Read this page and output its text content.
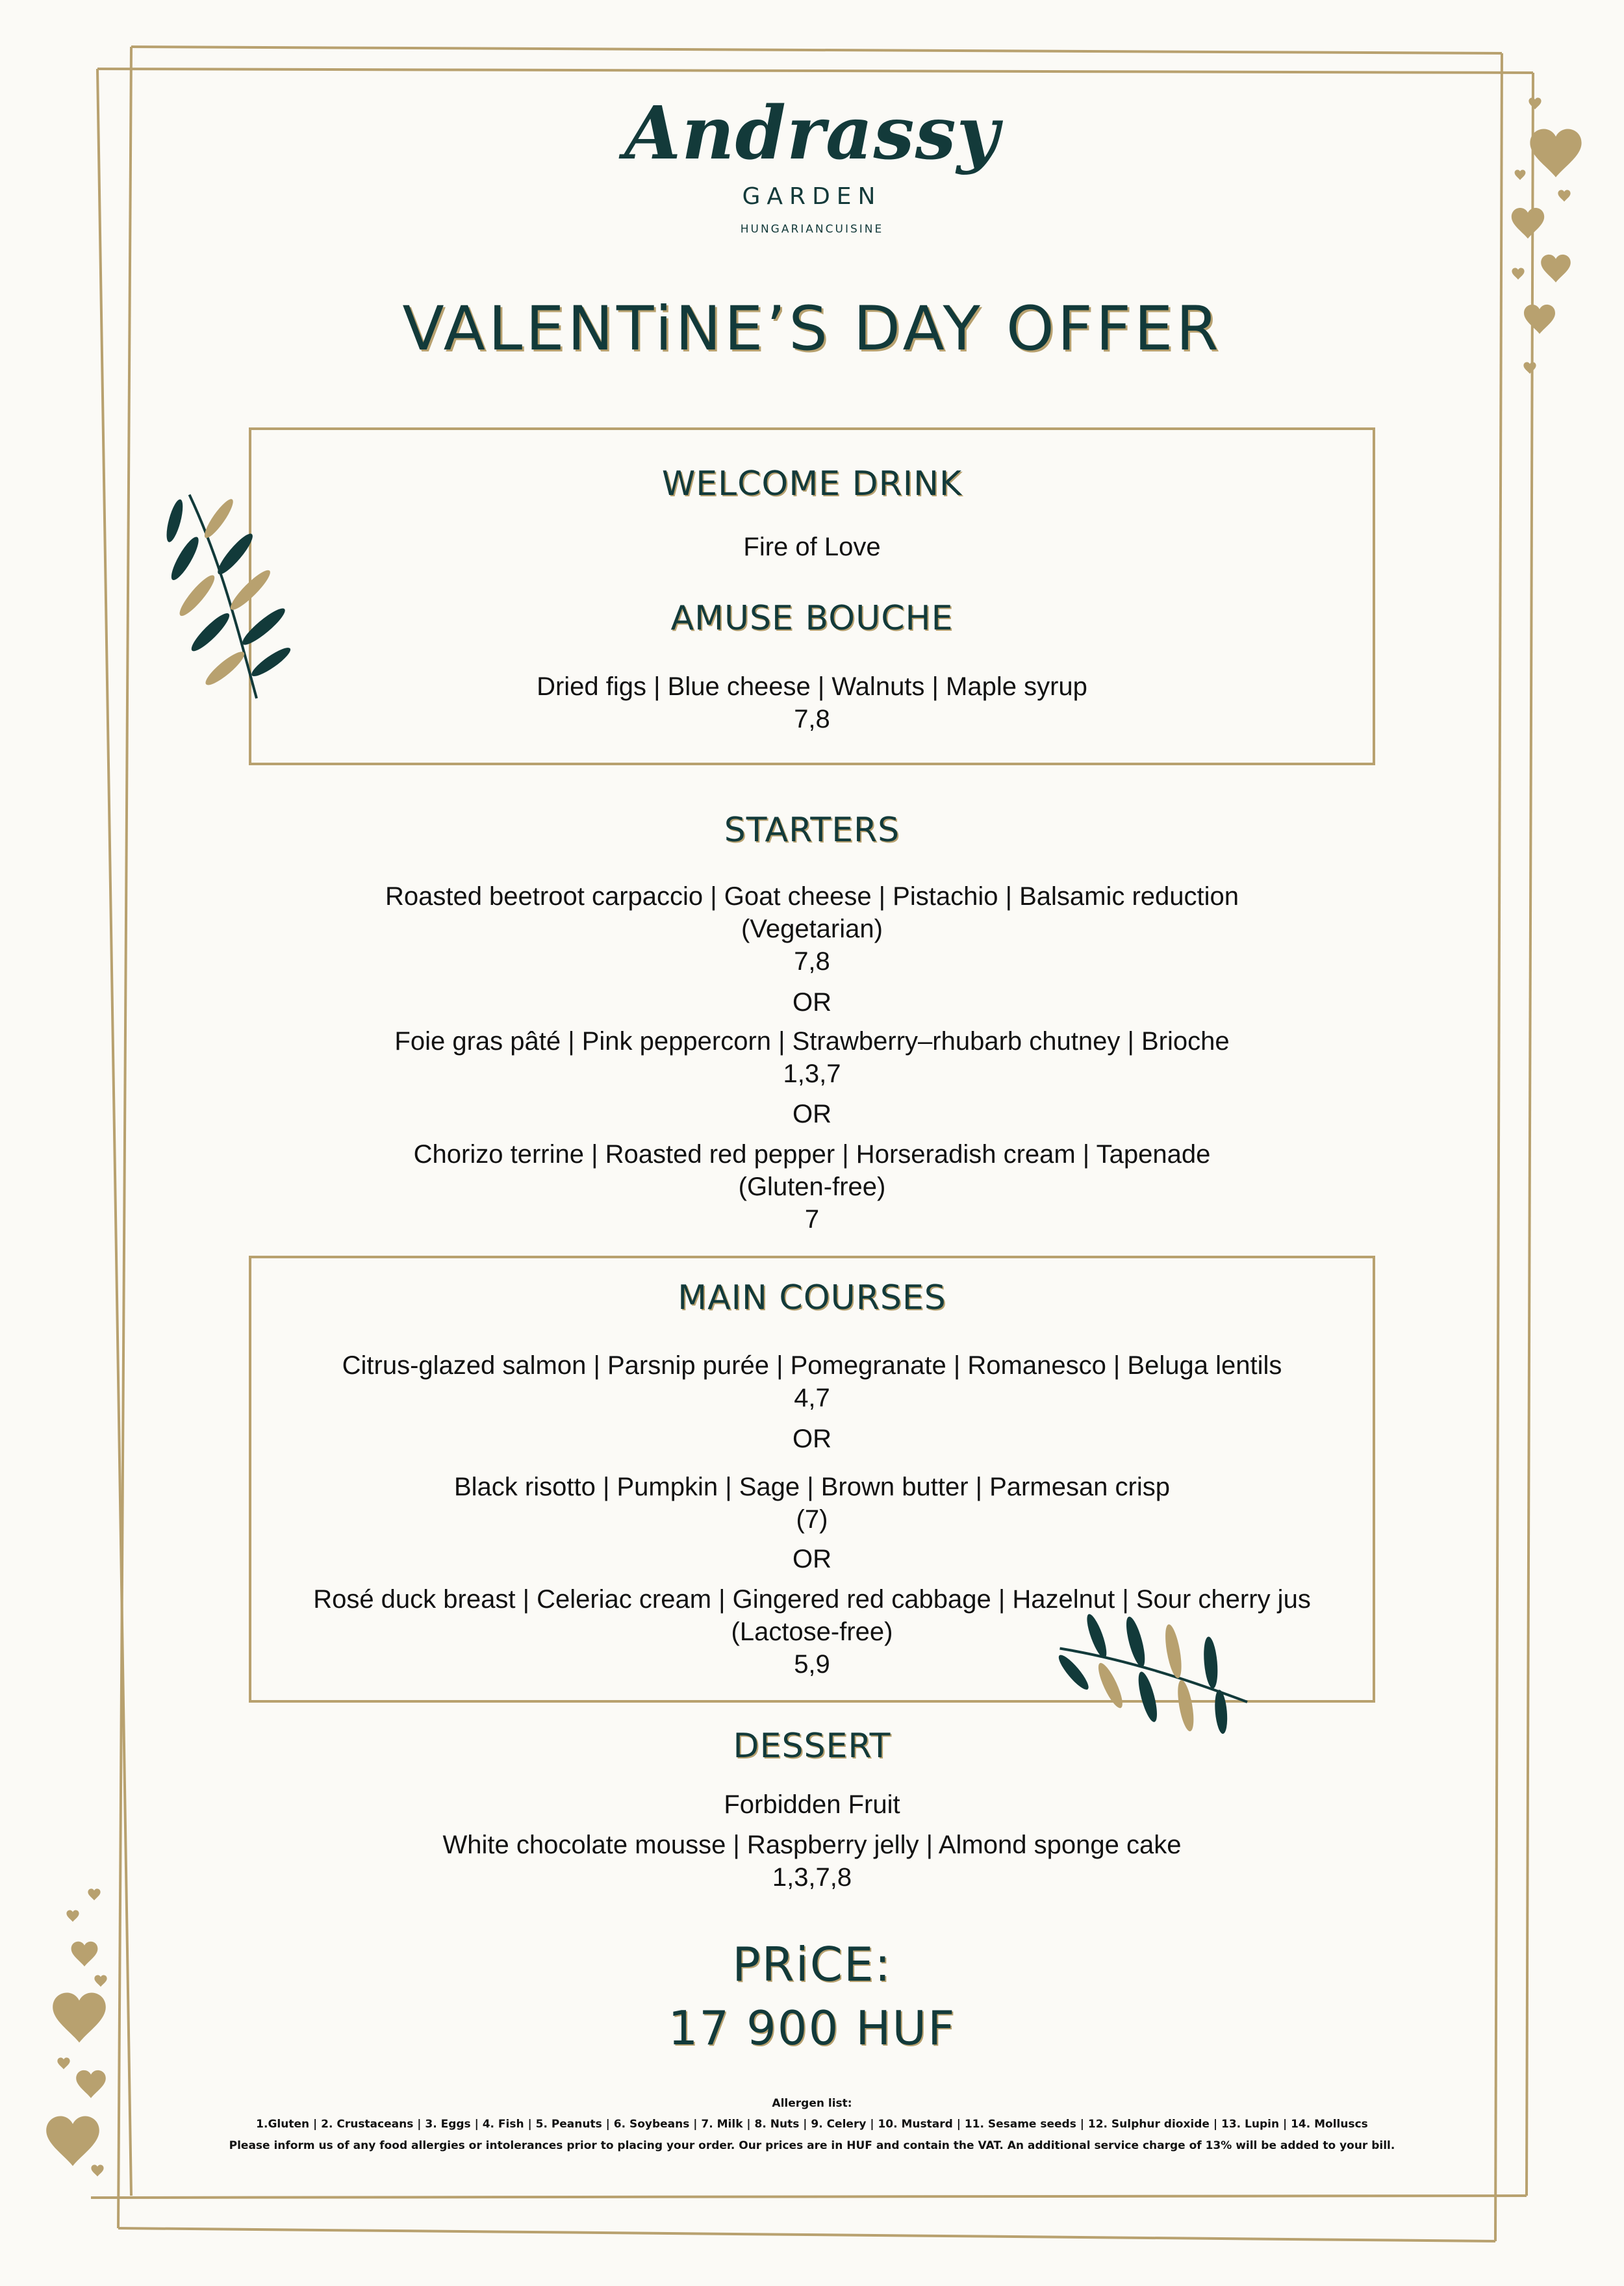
Andrassy
GARDEN
HUNGARIANCUISINE
VALENTiNE’S DAY OFFER
WELCOME DRINK
Fire of Love
AMUSE BOUCHE
Dried figs | Blue cheese | Walnuts | Maple syrup
7,8
STARTERS
Roasted beetroot carpaccio | Goat cheese | Pistachio | Balsamic reduction
(Vegetarian)
7,8
OR
Foie gras pâté | Pink peppercorn | Strawberry–rhubarb chutney | Brioche
1,3,7
OR
Chorizo terrine | Roasted red pepper | Horseradish cream | Tapenade
(Gluten-free)
7
MAIN COURSES
Citrus-glazed salmon | Parsnip purée | Pomegranate | Romanesco | Beluga lentils
4,7
OR
Black risotto | Pumpkin | Sage | Brown butter | Parmesan crisp
(7)
OR
Rosé duck breast | Celeriac cream | Gingered red cabbage | Hazelnut | Sour cherry jus
(Lactose-free)
5,9
DESSERT
Forbidden Fruit
White chocolate mousse | Raspberry jelly | Almond sponge cake
1,3,7,8
PRiCE:
17 900 HUF
Allergen list:
1.Gluten | 2. Crustaceans | 3. Eggs | 4. Fish | 5. Peanuts | 6. Soybeans | 7. Milk | 8. Nuts | 9. Celery | 10. Mustard | 11. Sesame seeds | 12. Sulphur dioxide | 13. Lupin | 14. Molluscs
Please inform us of any food allergies or intolerances prior to placing your order. Our prices are in HUF and contain the VAT. An additional service charge of 13% will be added to your bill.
